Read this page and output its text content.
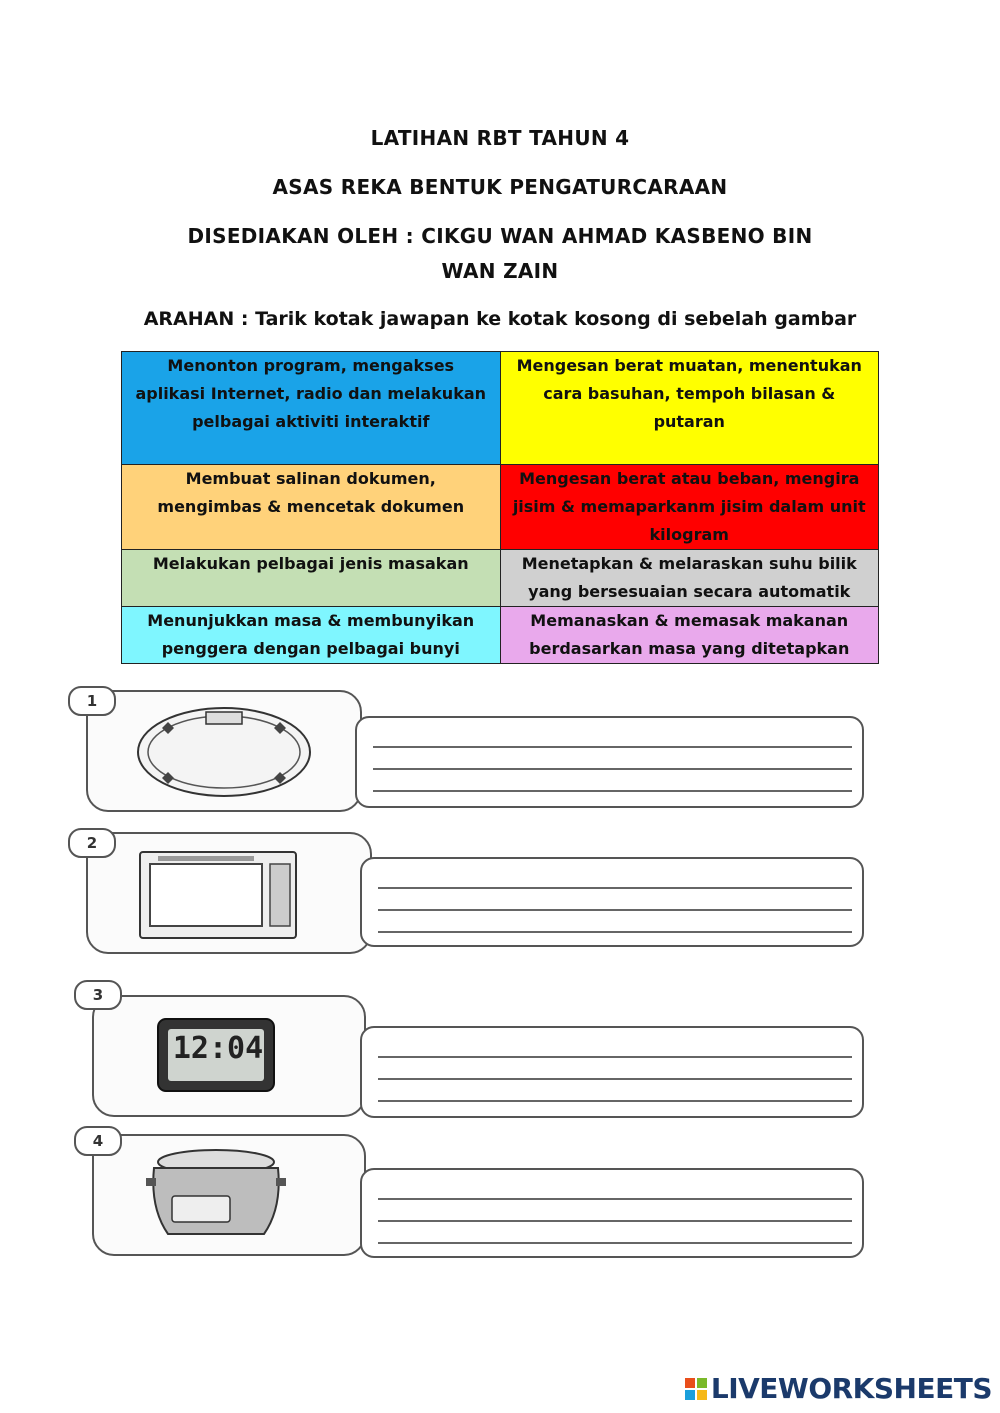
LATIHAN RBT TAHUN 4
ASAS REKA BENTUK PENGATURCARAAN
DISEDIAKAN OLEH : CIKGU WAN AHMAD KASBENO BIN
WAN ZAIN
ARAHAN : Tarik kotak jawapan ke kotak kosong di sebelah gambar
Menonton program, mengakses aplikasi Internet, radio dan melakukan pelbagai aktiviti interaktif	Mengesan berat muatan, menentukan cara basuhan, tempoh bilasan & putaran
Membuat salinan dokumen, mengimbas & mencetak dokumen	Mengesan berat atau beban, mengira jisim & memaparkanm jisim dalam unit kilogram
Melakukan pelbagai jenis masakan	Menetapkan & melaraskan suhu bilik yang bersesuaian secara automatik
Menunjukkan masa & membunyikan penggera dengan pelbagai bunyi	Memanaskan & memasak makanan berdasarkan masa yang ditetapkan
1
2
12:04
3
4
LIVEWORKSHEETS
